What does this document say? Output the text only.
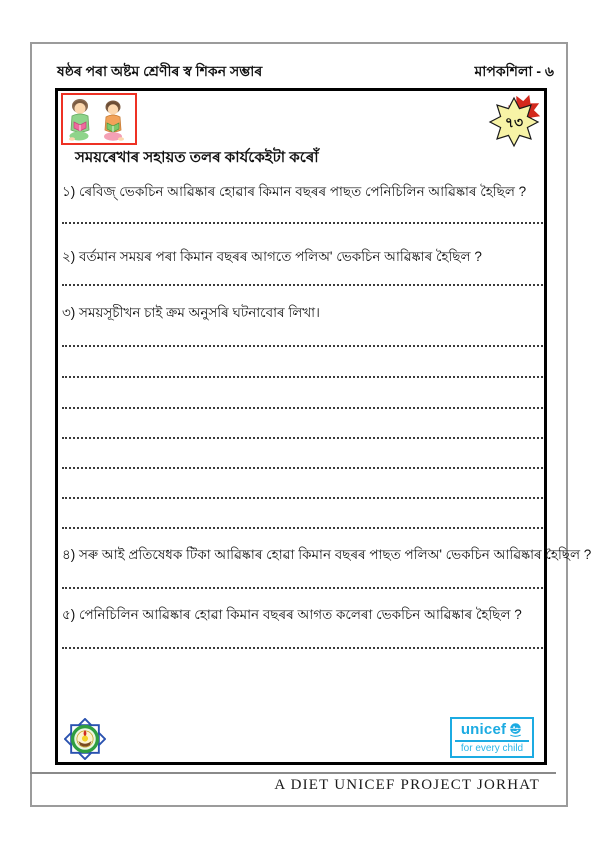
ষষ্ঠৰ পৰা অষ্টম শ্ৰেণীৰ স্ব শিকন সম্ভাৰ	মাপকশিলা - ৬
৭৩
সময়ৰেখাৰ সহায়ত তলৰ কাৰ্যকেইটা কৰোঁ
১) ৰেবিজ্ ভেকচিন আৱিষ্কাৰ হোৱাৰ কিমান বছৰৰ পাছত পেনিচিলিন আৱিষ্কাৰ হৈছিল ?
২) বৰ্তমান সময়ৰ পৰা কিমান বছৰৰ আগতে পলিঅ' ভেকচিন আৱিষ্কাৰ হৈছিল ?
৩) সময়সূচীখন চাই ক্ৰম অনুসৰি ঘটনাবোৰ লিখা।
৪) সৰু আই প্ৰতিষেধক টিকা আৱিষ্কাৰ হোৱা কিমান বছৰৰ পাছত পলিঅ' ভেকচিন আৱিষ্কাৰ হৈছিল ?
৫) পেনিচিলিন আৱিষ্কাৰ হোৱা কিমান বছৰৰ আগত কলেৰা ভেকচিন আৱিষ্কাৰ হৈছিল ?
unicef
for every child
A DIET UNICEF PROJECT JORHAT
